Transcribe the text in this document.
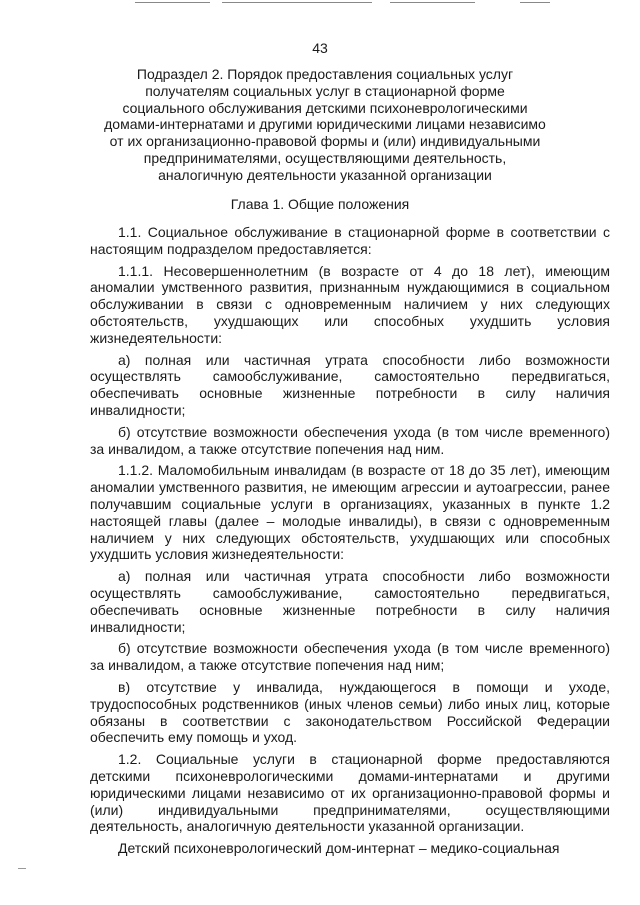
43
Подраздел 2. Порядок предоставления социальных услуг
получателям социальных услуг в стационарной форме
социального обслуживания детскими психоневрологическими
домами-интернатами и другими юридическими лицами независимо
от их организационно-правовой формы и (или) индивидуальными
предпринимателями, осуществляющими деятельность,
аналогичную деятельности указанной организации
Глава 1. Общие положения

1.1. Социальное обслуживание в стационарной форме в соответствии с настоящим подразделом предоставляется:

1.1.1. Несовершеннолетним (в возрасте от 4 до 18 лет), имеющим аномалии умственного развития, признанным нуждающимися в социальном обслуживании в связи с одновременным наличием у них следующих обстоятельств, ухудшающих или способных ухудшить условия жизнедеятельности:

а) полная или частичная утрата способности либо возможности осуществлять самообслуживание, самостоятельно передвигаться, обеспечивать основные жизненные потребности в силу наличия инвалидности;

б) отсутствие возможности обеспечения ухода (в том числе временного) за инвалидом, а также отсутствие попечения над ним.

1.1.2. Маломобильным инвалидам (в возрасте от 18 до 35 лет), имеющим аномалии умственного развития, не имеющим агрессии и аутоагрессии, ранее получавшим социальные услуги в организациях, указанных в пункте 1.2 настоящей главы (далее – молодые инвалиды), в связи с одновременным наличием у них следующих обстоятельств, ухудшающих или способных ухудшить условия жизнедеятельности:

а) полная или частичная утрата способности либо возможности осуществлять самообслуживание, самостоятельно передвигаться, обеспечивать основные жизненные потребности в силу наличия инвалидности;

б) отсутствие возможности обеспечения ухода (в том числе временного) за инвалидом, а также отсутствие попечения над ним;

в) отсутствие у инвалида, нуждающегося в помощи и уходе, трудоспособных родственников (иных членов семьи) либо иных лиц, которые обязаны в соответствии с законодательством Российской Федерации обеспечить ему помощь и уход.

1.2. Социальные услуги в стационарной форме предоставляются детскими психоневрологическими домами-интернатами и другими юридическими лицами независимо от их организационно-правовой формы и (или) индивидуальными предпринимателями, осуществляющими деятельность, аналогичную деятельности указанной организации.

Детский психоневрологический дом-интернат – медико-социальная
